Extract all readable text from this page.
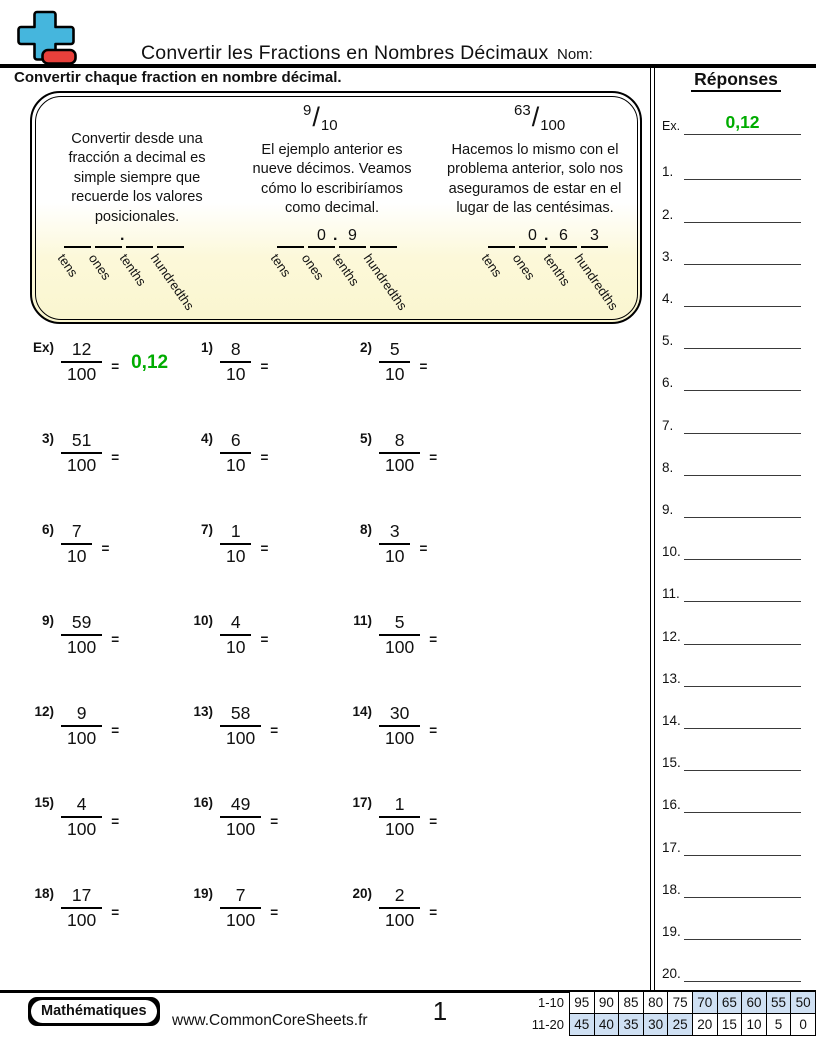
Convertir les Fractions en Nombres Décimaux Nom:
Convertir chaque fraction en nombre décimal.
9/10
63/100
Convertir desde una fracción a decimal es simple siempre que recuerde los valores posicionales.
El ejemplo anterior es nueve décimos. Veamos cómo lo escribiríamos como decimal.
Hacemos lo mismo con el problema anterior, solo nos aseguramos de estar en el lugar de las centésimas.
tens ones tenths
hundredths
.
tens
0
ones
9
tenths
hundredths
.
tens
0
ones
6
tenths
3
hundredths
.
$Ex) \frac{12}{100} = 0,12$
$1) \frac{8}{10}$ =
$2) \frac{5}{10}$ =
$3) \frac{51}{100}$ =
$4) \frac{6}{10}$ =
$5) \frac{8}{100}$ =
$6) \frac{7}{10}$ =
$7) \frac{1}{10}$ =
$8) \frac{3}{10}$ =
$9) \frac{59}{100}$ =
$10) \frac{4}{10}$ =
$11) \frac{5}{100}$ =
$12) \frac{9}{100}$ =
$13) \frac{58}{100}$ =
$14) \frac{30}{100}$ =
$15) \frac{4}{100}$ =
$16) \frac{49}{100}$ =
$17) \frac{1}{100}$ =
$18) \frac{17}{100}$ =
$19) \frac{7}{100}$ =
$20) \frac{2}{100}$ =
Réponses
Ex.	0,12
1.
2.
3.
4.
5.
6.
7.
8.
9.
10.
11.
12.
13.
14.
15.
16.
17.
18.
19.
20.
Mathématiques
www.CommonCoreSheets.fr	1	1-10	95	90	85	80	75	70	65	60	55	50
11-20	45	40	35	30	25	20	15	10	5	0
